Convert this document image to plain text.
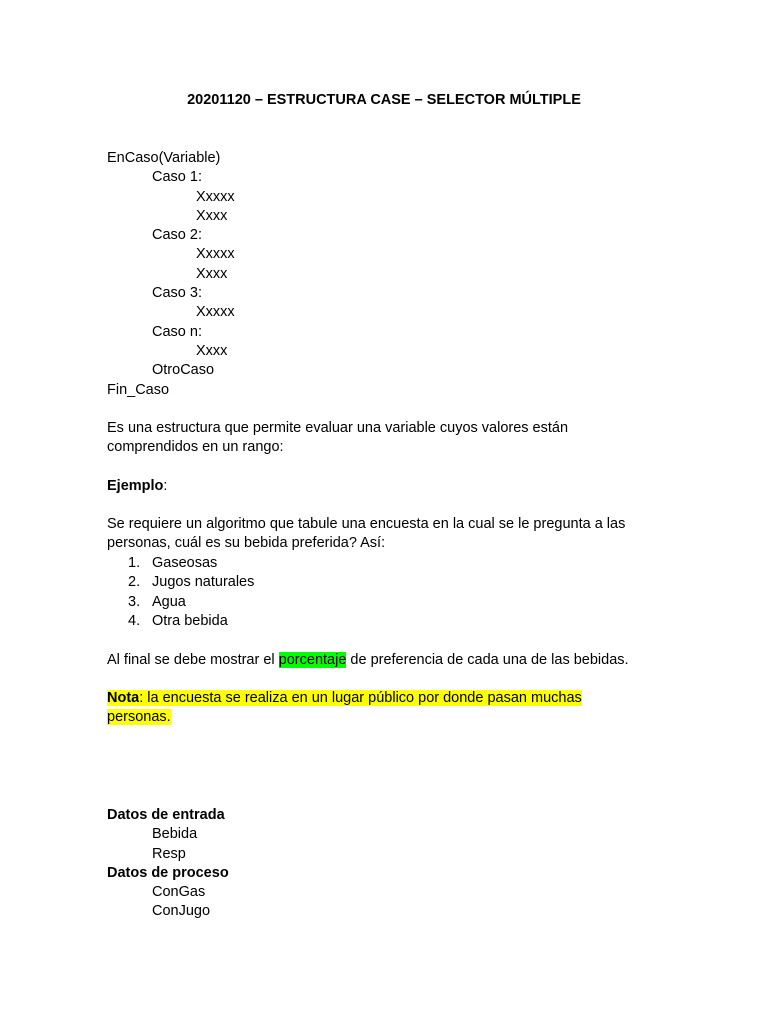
20201120 – ESTRUCTURA CASE – SELECTOR MÚLTIPLE
EnCaso(Variable)
Caso 1:
Xxxxx
Xxxx
Caso 2:
Xxxxx
Xxxx
Caso 3:
Xxxxx
Caso n:
Xxxx
OtroCaso
Fin_Caso
Es una estructura que permite evaluar una variable cuyos valores están
comprendidos en un rango:
Ejemplo:
Se requiere un algoritmo que tabule una encuesta en la cual se le pregunta a las
personas, cuál es su bebida preferida? Así:
1. Gaseosas
2. Jugos naturales
3. Agua
4. Otra bebida
Al final se debe mostrar el porcentaje de preferencia de cada una de las bebidas.
Nota: la encuesta se realiza en un lugar público por donde pasan muchas
personas.
Datos de entrada
Bebida
Resp
Datos de proceso
ConGas
ConJugo
